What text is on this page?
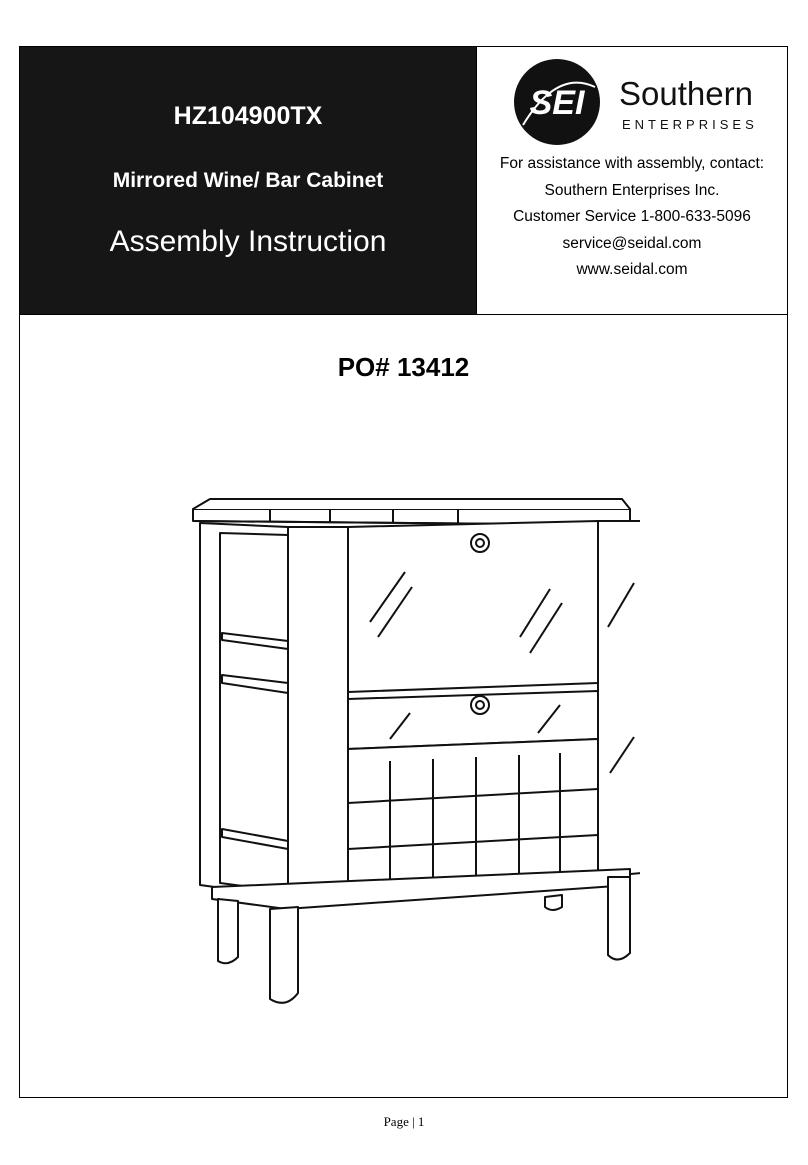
HZ104900TX
Mirrored Wine/ Bar Cabinet
Assembly Instruction
SEI Southern
ENTERPRISES
For assistance with assembly, contact:
Southern Enterprises Inc.
Customer Service 1-800-633-5096
service@seidal.com
www.seidal.com
PO# 13412
Page | 1
